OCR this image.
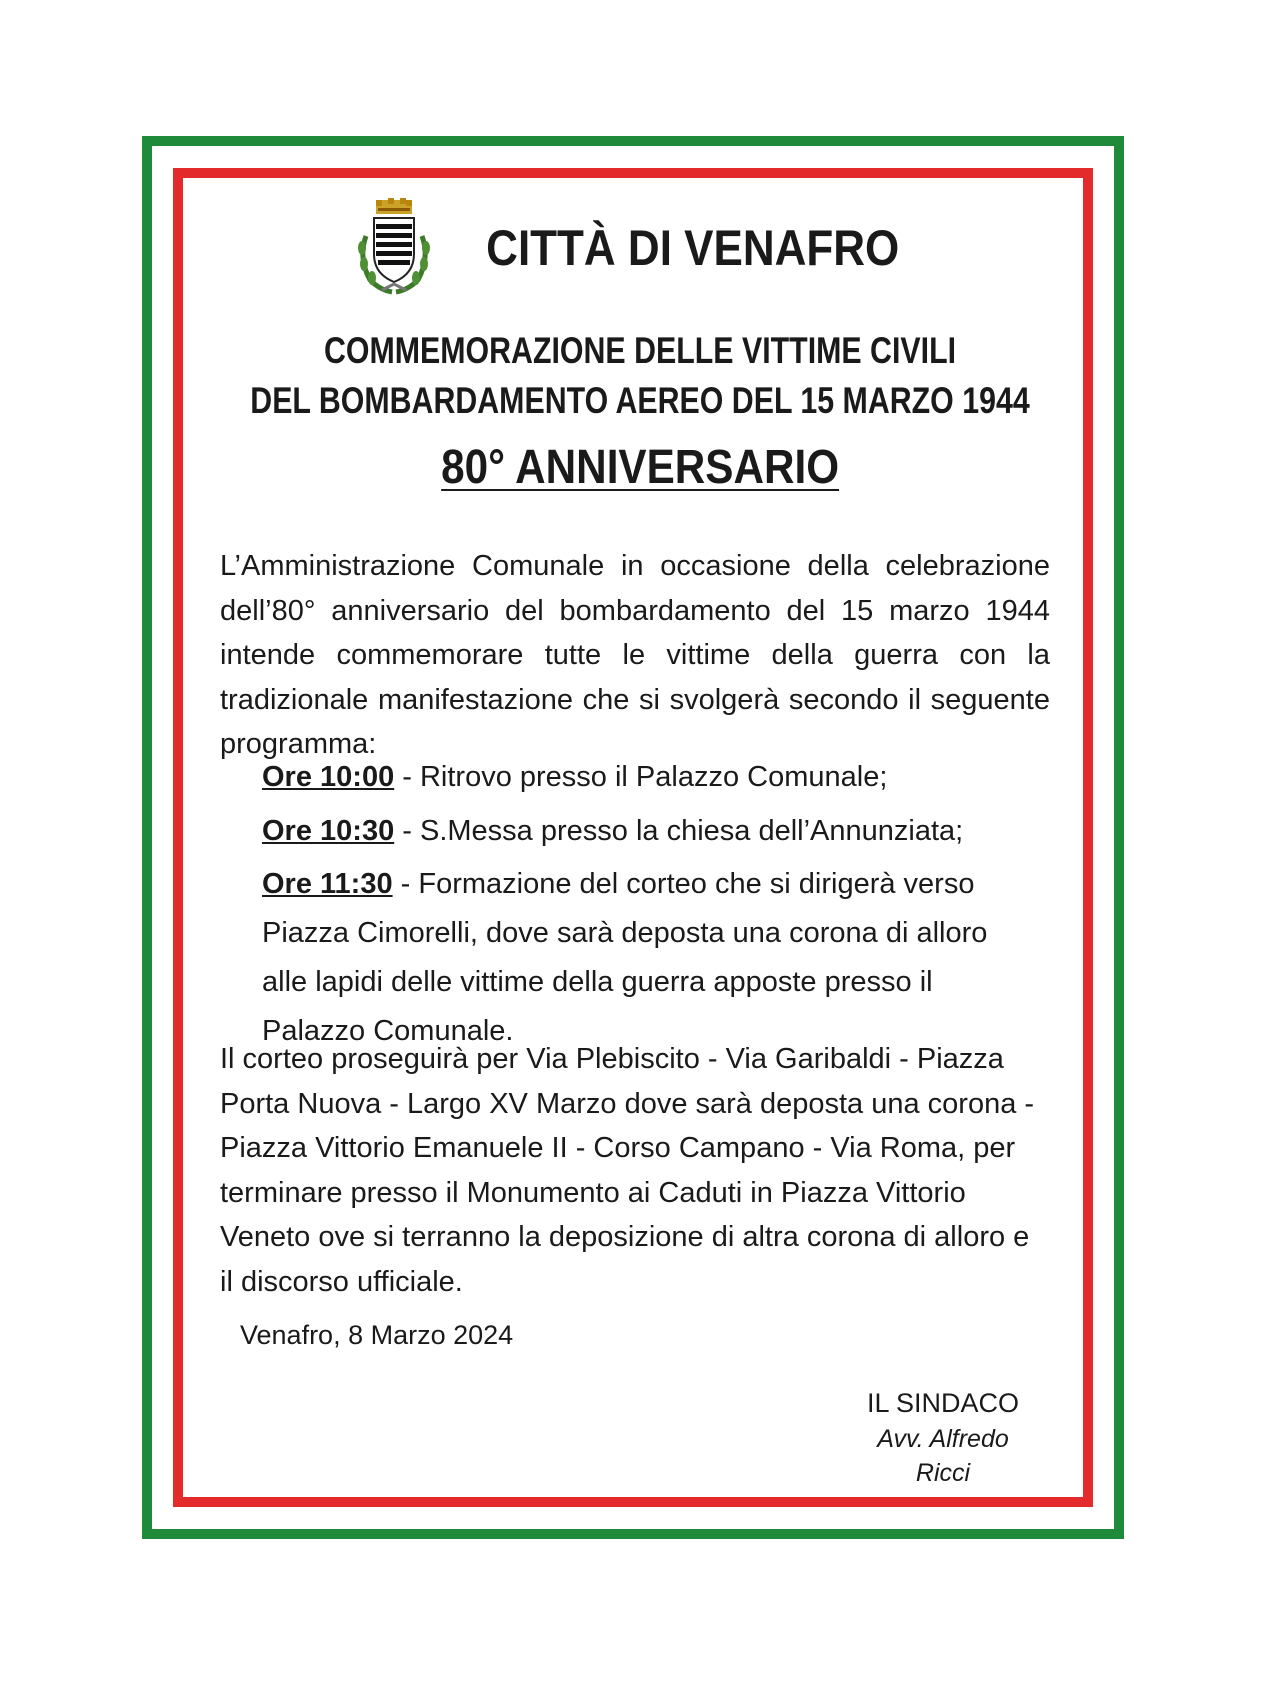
CITTÀ DI VENAFRO
COMMEMORAZIONE DELLE VITTIME CIVILI
DEL BOMBARDAMENTO AEREO DEL 15 MARZO 1944
80° ANNIVERSARIO
L’Amministrazione Comunale in occasione della celebrazione dell’80° anniversario del bombardamento del 15 marzo 1944 intende commemorare tutte le vittime della guerra con la tradizionale manifestazione che si svolgerà secondo il seguente programma:
Ore 10:00 - Ritrovo presso il Palazzo Comunale;
Ore 10:30 - S.Messa presso la chiesa dell’Annunziata;
Ore 11:30 - Formazione del corteo che si dirigerà verso Piazza Cimorelli, dove sarà deposta una corona di alloro alle lapidi delle vittime della guerra apposte presso il Palazzo Comunale.
Il corteo proseguirà per Via Plebiscito - Via Garibaldi - Piazza Porta Nuova - Largo XV Marzo dove sarà deposta una corona - Piazza Vittorio Emanuele II - Corso Campano - Via Roma, per terminare presso il Monumento ai Caduti in Piazza Vittorio Veneto ove si terranno la deposizione di altra corona di alloro e il discorso ufficiale.
Venafro, 8 Marzo 2024
IL SINDACO
Avv. Alfredo Ricci
